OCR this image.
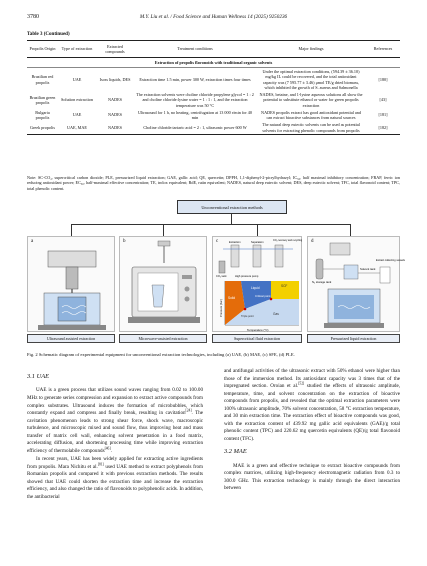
3780	M.Y. Liu et al. / Food Science and Human Wellness 14 (2025) 9250236
Table 3 (Continued)
Propolis Origin	Type of extraction	Extracted compounds	Treatment conditions	Major findings	References
Extraction of propolis flavonoids with traditional organic solvents					
Brazilian red propolis	UAE	Isoss liquids, DES	Extraction time 1.5 min, power 300 W, extraction times four times	Under the optimal extraction conditions, (594.39 ± 36.10) mg/kg IL could be recovered, and the total antioxidant capacity was (7 595.77 ± 3.46) μmol TE/g dried biomass, which inhibited the growth of S. aureus and Salmonella	[180]
Brazilian green propolis	Solution extraction	NADES	The extraction solvents were choline chloride propylene glycol = 1 : 2 and choline chloride:lysine water = 1 : 1 : 1, and the extraction temperature was 50 °C	NADES, betaine, and 1-lysine aqueous solutions all show the potential to substitute ethanol or water for green propolis extraction	[43]
Bulgaria propolis	UAE	NADES	Ultrasound for 1 h, no heating, centrifugation at 13 000 r/min for 40 min	NADES propolis extract has good antioxidant potential and can extract bioactive substances from natural sources	[181]
Greek propolis	UAE, MAE	NADES	Choline chloride:tartaric acid = 2 : 1, ultrasonic power 600 W	The natural deep eutectic solvents can be used as potential solvents for extracting phenolic compounds from propolis	[182]
Note: SC-CO₂, supercritical carbon dioxide; PLE, pressurized liquid extraction; GAE, gallic acid; QE, quercetin; DPPH, 1,1-diphenyl-2-picrylhydrazyl; IC₅₀, half maximal inhibitory concentration; FRAP, ferric ion reducing antioxidant power; EC₅₀, half-maximal effective concentration; TE, trolox equivalent; RdE, rutin equivalent; NADES, natural deep eutectic solvent; DES, deep eutectic solvent; TFC, total flavonoid content; TPC, total phenolic content.
Unconventional extraction methods
a	b	c	Extraction	Separation
CO₂ recovery and recycling
CO₂ tank	High pressure pump
Solid
Liquid	SCF
Critical point
Gas
Triple point
Temperature (°C)
Pressure (bar)
d
N₂ storage tank
Solvent tank
Extract collecting vessels
Ultrasound assisted extraction	Microwave-assisted extraction	Supercritical fluid extraction	Pressurized liquid extraction
Fig. 2 Schematic diagram of experimental equipment for unconventional extraction technologies, including (a) UAE, (b) MAE, (c) SFE, (d) PLE.
3.1 UAE

UAE is a green process that utilizes sound waves ranging from 0.02 to 100.00 MHz to generate series compression and expansion to extract active compounds from complex substrates. Ultrasound induces the formation of microbubbles, which constantly expand and compress and finally break, resulting in cavitation[24]. The cavitation phenomenon leads to strong shear force, shock wave, macroscopic turbulence, and microscopic mixed and sound flow, thus improving heat and mass transfer of matrix cell wall, enhancing solvent penetration in a food matrix, accelerating diffusion, and shortening processing time while improving extraction efficiency of thermolabile compounds[46].

In recent years, UAE has been widely applied for extracting active ingredients from propolis. Mara Nichitu et al.[81] used UAE method to extract polyphenols from Romanian propolis and compared it with previous extraction methods. The results showed that UAE could shorten the extraction time and increase the extraction efficiency, and also changed the ratio of flavonoids to polyphenolic acids. In addition, the antibacterial

and antifungal activities of the ultrasonic extract with 50% ethanol were higher than those of the immersion method. Its antioxidant capacity was 3 times that of the impregnated section. Oroian et al.[52] studied the effects of ultrasonic amplitude, temperature, time, and solvent concentration on the extraction of bioactive compounds from propolis, and revealed that the optimal extraction parameters were 100% ultrasonic amplitude, 70% solvent concentration, 58 °C extraction temperature, and 30 min extraction time. The extraction effect of bioactive compounds was good, with the extraction content of 439.92 mg gallic acid equivalents (GAE)/g total phenolic content (TPC) and 220.62 mg quercetin equivalents (QE)/g total flavonoid content (TFC).

3.2 MAE

MAE is a green and effective technique to extract bioactive compounds from complex matrices, utilizing high-frequency electromagnetic radiation from 0.3 to 300.0 GHz. This extraction technology is mainly through the direct interaction between
